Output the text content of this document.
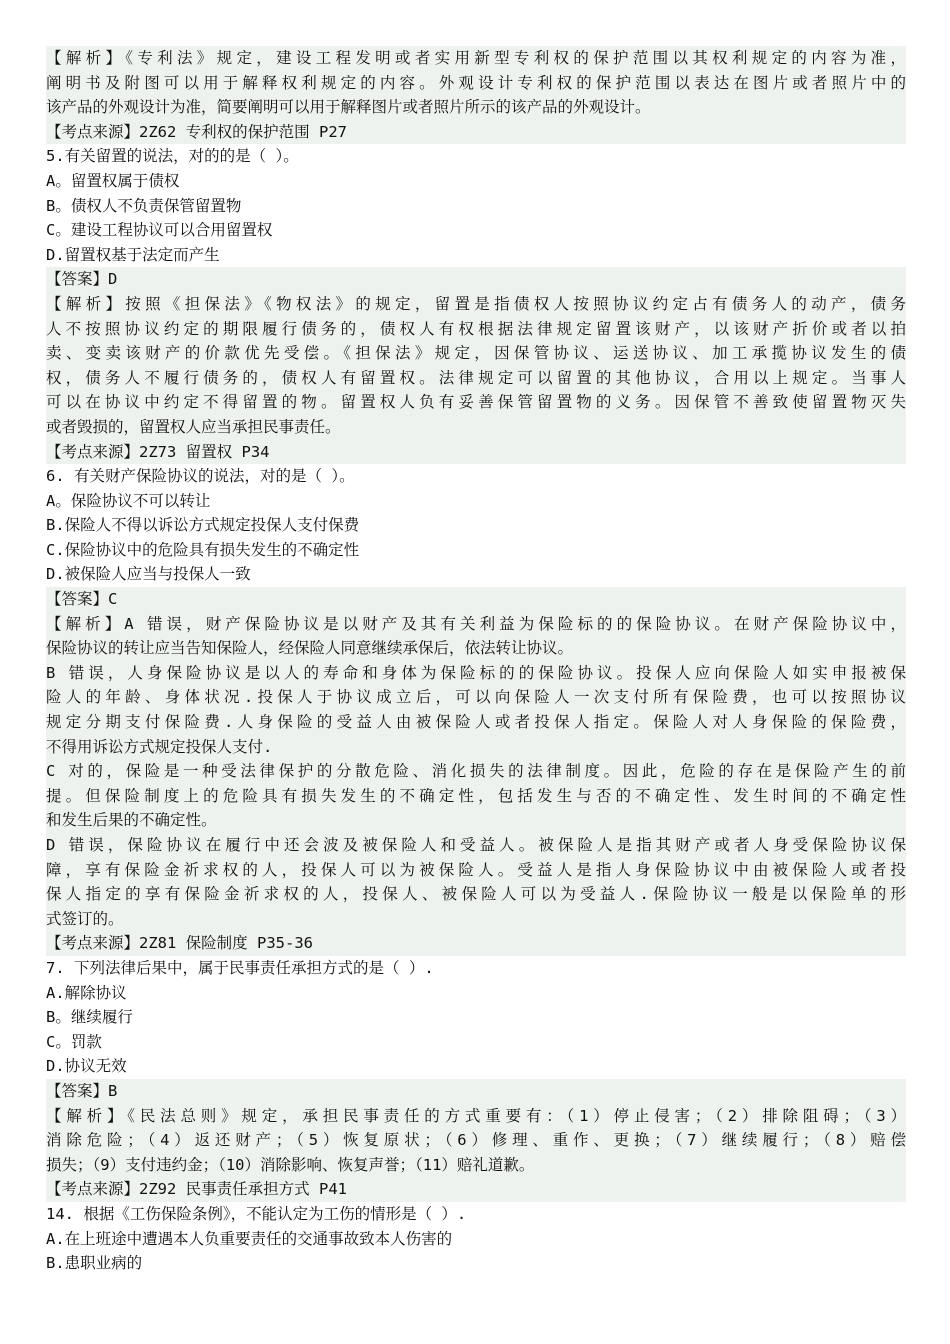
【解析】《专利法》规定，建设工程发明或者实用新型专利权的保护范围以其权利规定的内容为准，
阐明书及附图可以用于解释权利规定的内容。外观设计专利权的保护范围以表达在图片或者照片中的
该产品的外观设计为准，简要阐明可以用于解释图片或者照片所示的该产品的外观设计。
【考点来源】2Z62 专利权的保护范围 P27
5.有关留置的说法，对的的是（ ）。
A。留置权属于债权
B。债权人不负责保管留置物
C。建设工程协议可以合用留置权
D.留置权基于法定而产生
【答案】D
【解析】按照《担保法》《物权法》的规定，留置是指债权人按照协议约定占有债务人的动产，债务
人不按照协议约定的期限履行债务的，债权人有权根据法律规定留置该财产，以该财产折价或者以拍
卖、变卖该财产的价款优先受偿。《担保法》规定，因保管协议、运送协议、加工承揽协议发生的债
权，债务人不履行债务的，债权人有留置权。法律规定可以留置的其他协议，合用以上规定。当事人
可以在协议中约定不得留置的物。留置权人负有妥善保管留置物的义务。因保管不善致使留置物灭失
或者毁损的，留置权人应当承担民事责任。
【考点来源】2Z73 留置权 P34
6. 有关财产保险协议的说法，对的是（ ）。
A。保险协议不可以转让
B.保险人不得以诉讼方式规定投保人支付保费
C.保险协议中的危险具有损失发生的不确定性
D.被保险人应当与投保人一致
【答案】C
【解析】A 错误，财产保险协议是以财产及其有关利益为保险标的的保险协议。在财产保险协议中，
保险协议的转让应当告知保险人，经保险人同意继续承保后，依法转让协议。
B 错误，人身保险协议是以人的寿命和身体为保险标的的保险协议。投保人应向保险人如实申报被保
险人的年龄、身体状况.投保人于协议成立后，可以向保险人一次支付所有保险费，也可以按照协议
规定分期支付保险费.人身保险的受益人由被保险人或者投保人指定。保险人对人身保险的保险费，
不得用诉讼方式规定投保人支付.
C 对的，保险是一种受法律保护的分散危险、消化损失的法律制度。因此，危险的存在是保险产生的前
提。但保险制度上的危险具有损失发生的不确定性，包括发生与否的不确定性、发生时间的不确定性
和发生后果的不确定性。
D 错误，保险协议在履行中还会波及被保险人和受益人。被保险人是指其财产或者人身受保险协议保
障，享有保险金祈求权的人，投保人可以为被保险人。受益人是指人身保险协议中由被保险人或者投
保人指定的享有保险金祈求权的人，投保人、被保险人可以为受益人.保险协议一般是以保险单的形
式签订的。
【考点来源】2Z81 保险制度 P35-36
7. 下列法律后果中，属于民事责任承担方式的是（ ）.
A.解除协议
B。继续履行
C。罚款
D.协议无效
【答案】B
【解析】《民法总则》规定，承担民事责任的方式重要有：（1）停止侵害；（2）排除阻碍；（3）
消除危险；（4）返还财产；（5）恢复原状；（6）修理、重作、更换；（7）继续履行；（8）赔偿
损失；（9）支付违约金；（10）消除影响、恢复声誉；（11）赔礼道歉。
【考点来源】2Z92 民事责任承担方式 P41
14. 根据《工伤保险条例》，不能认定为工伤的情形是（ ）.
A.在上班途中遭遇本人负重要责任的交通事故致本人伤害的
B.患职业病的
